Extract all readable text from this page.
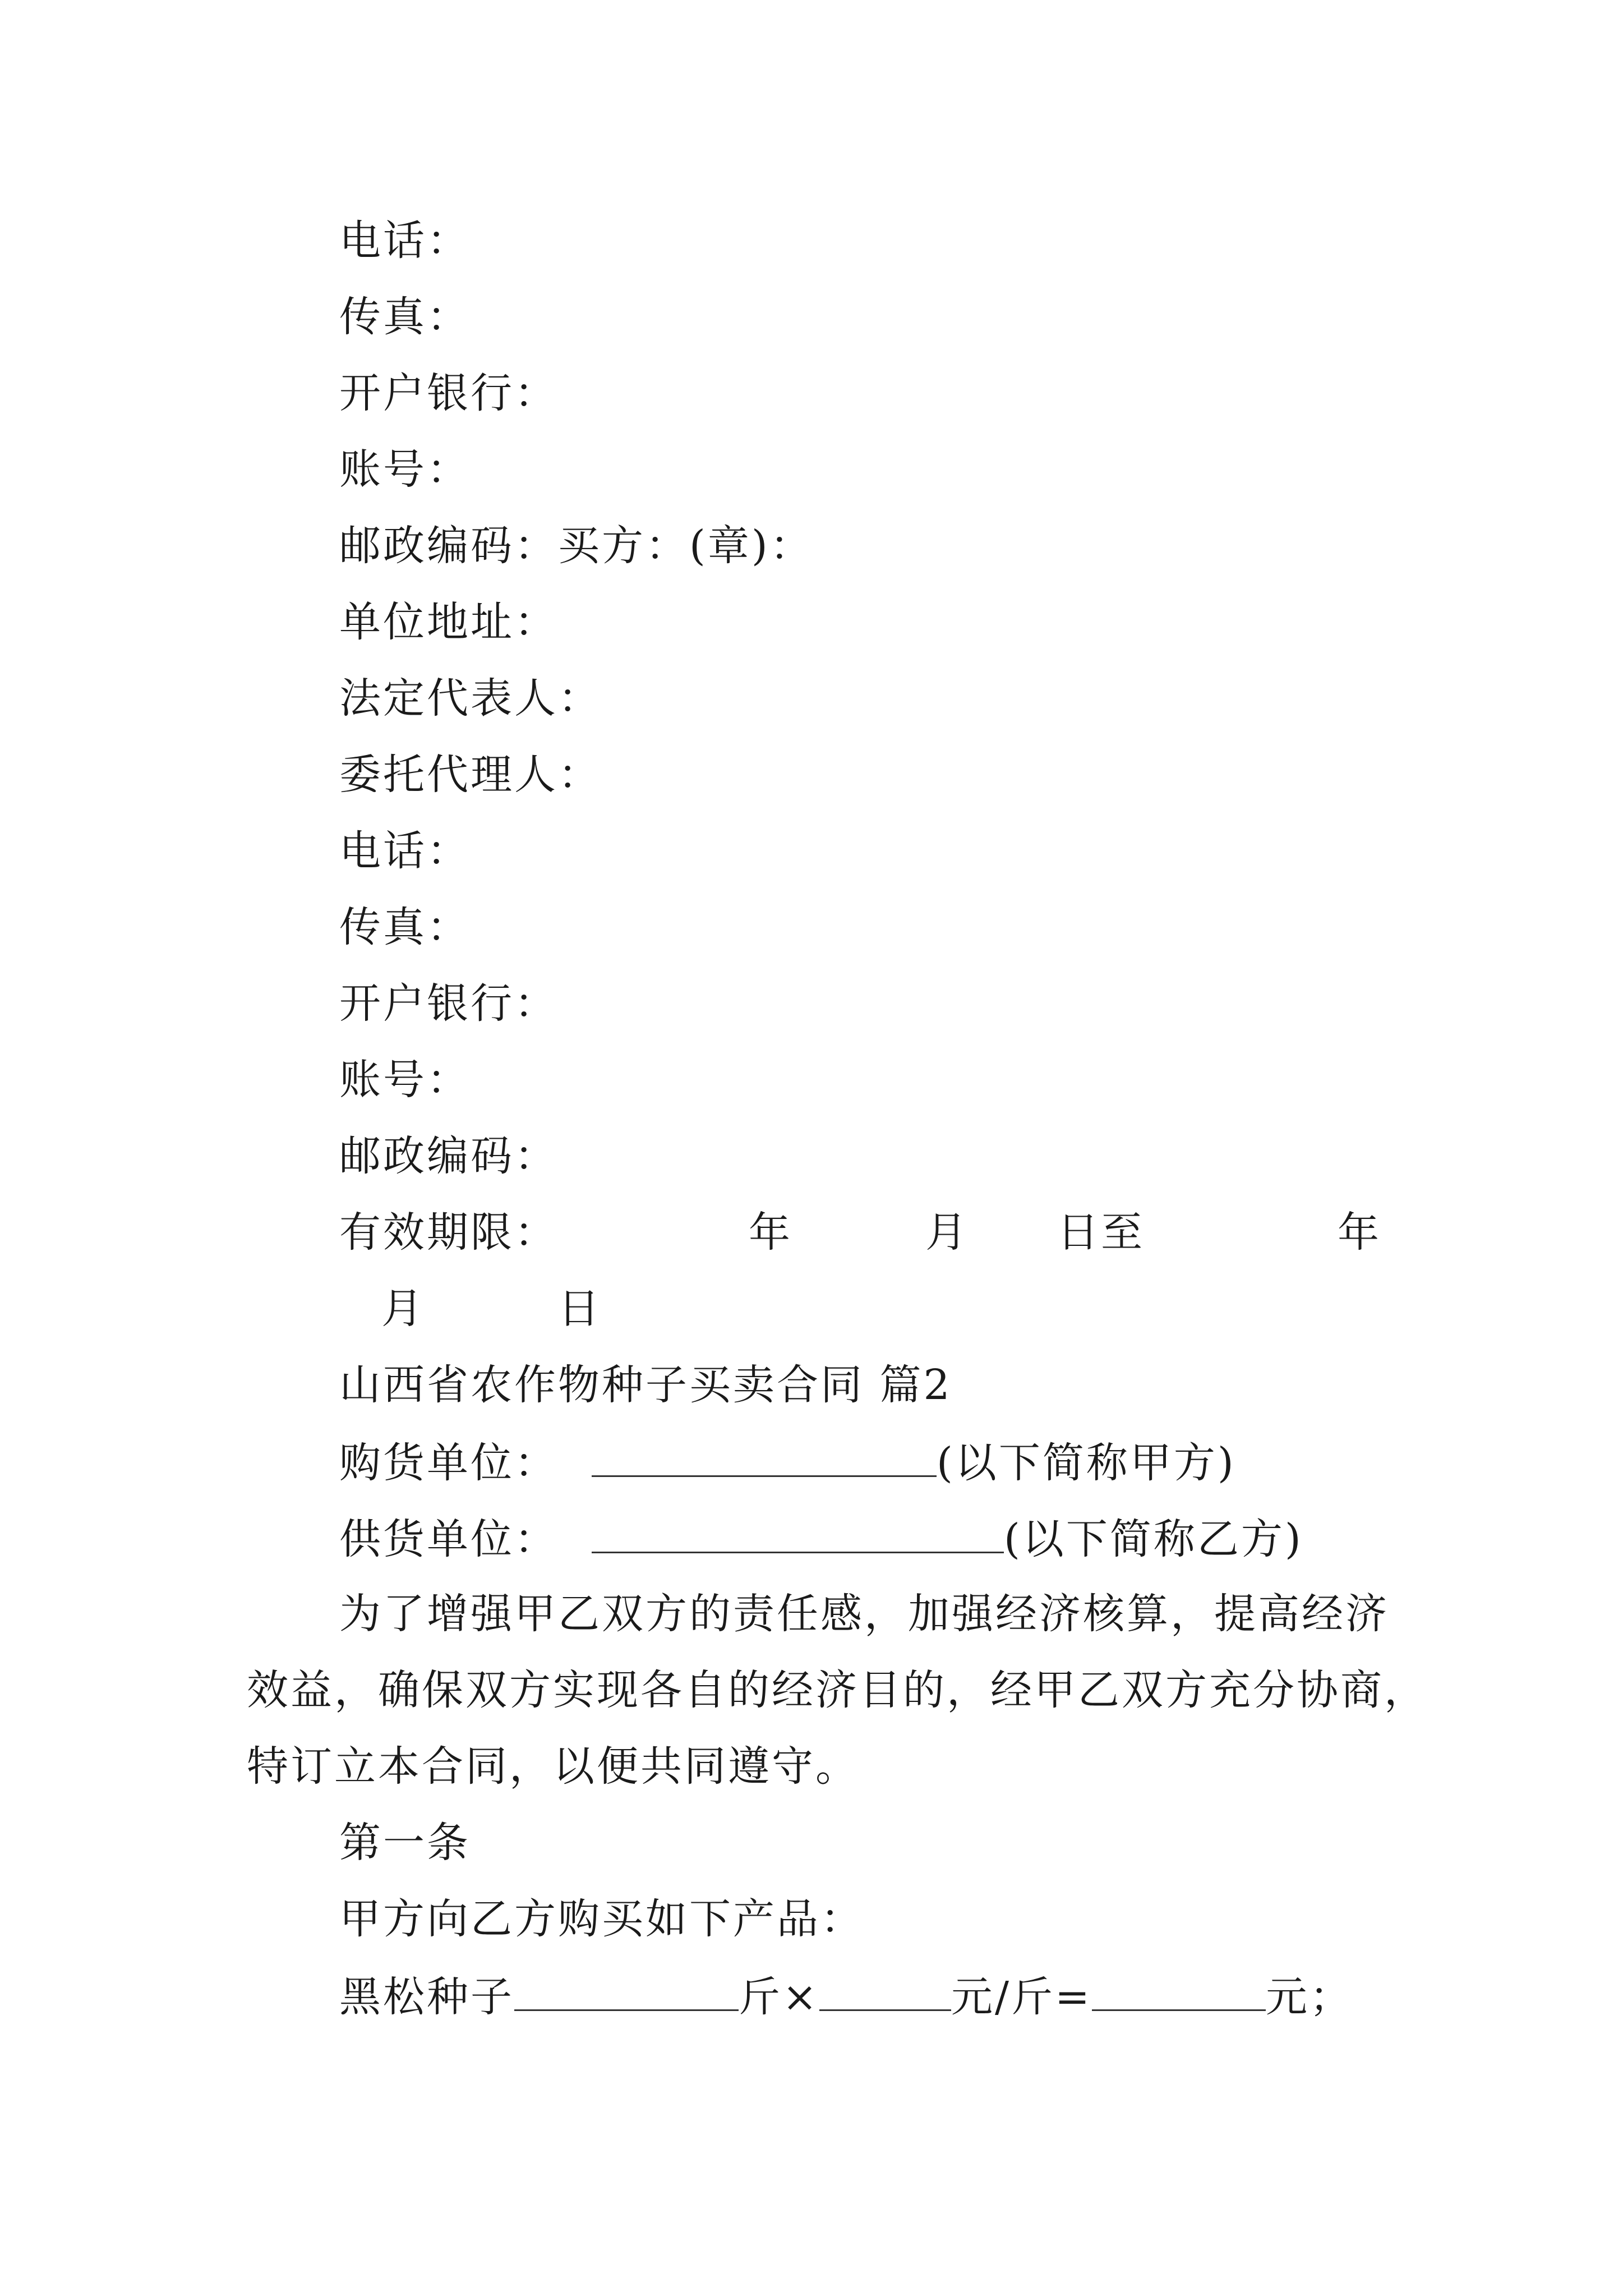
电话：
传真：
开户银行：
账号：
邮政编码：买方：(章)：
单位地址：
法定代表人：
委托代理人：
电话：
传真：
开户银行：
账号：
邮政编码：
有效期限：	年	月 日至	年
月	日
山西省农作物种子买卖合同 篇2
购货单位：	(以下简称甲方)
供货单位：	(以下简称乙方)
为了增强甲乙双方的责任感，加强经济核算，提高经济
效益，确保双方实现各自的经济目的，经甲乙双方充分协商，
特订立本合同，以便共同遵守。
第一条
甲方向乙方购买如下产品：
黑松种子	斤×	元/斤=	元；
